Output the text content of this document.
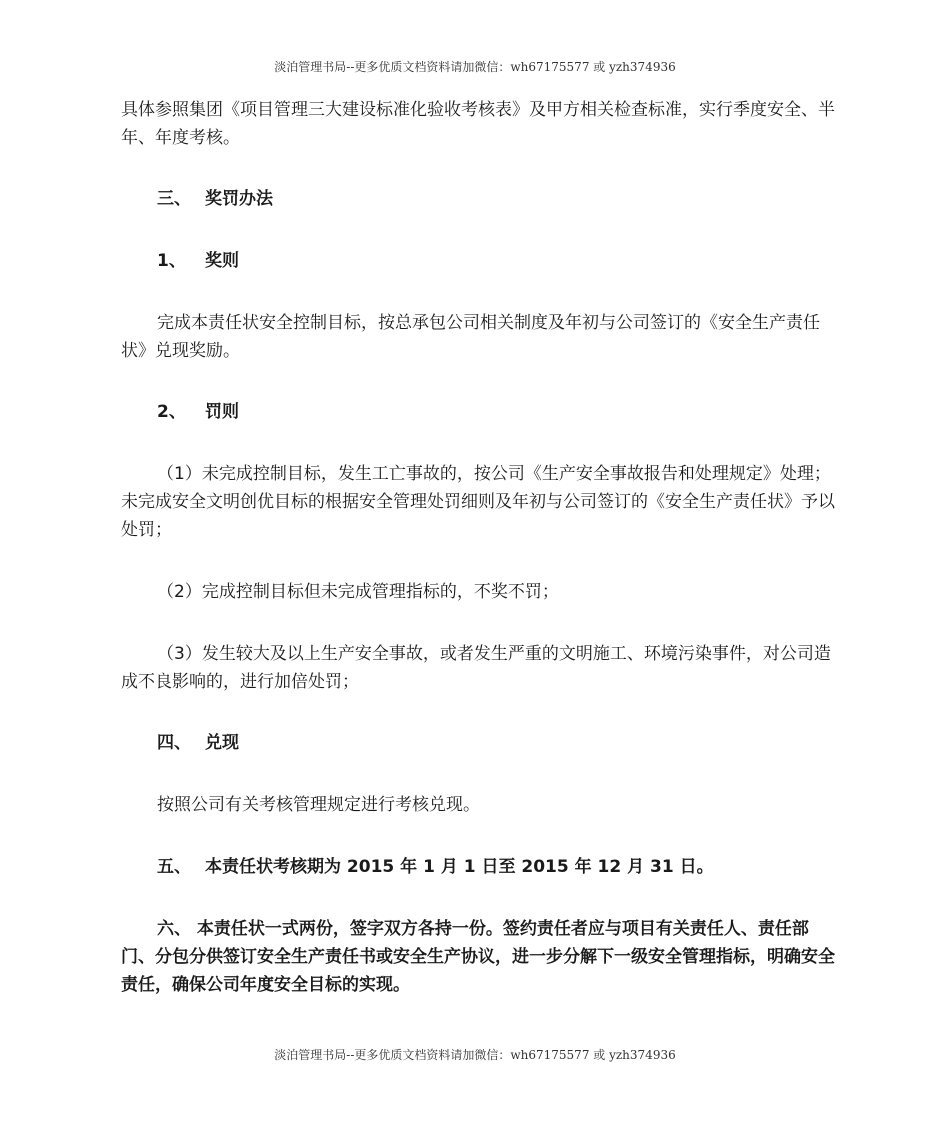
淡泊管理书局--更多优质文档资料请加微信：wh67175577 或 yzh374936

具体参照集团《项目管理三大建设标准化验收考核表》及甲方相关检查标准，实行季度安全、半年、年度考核。

三、 奖罚办法

1、 奖则

完成本责任状安全控制目标，按总承包公司相关制度及年初与公司签订的《安全生产责任状》兑现奖励。

2、 罚则

（1）未完成控制目标，发生工亡事故的，按公司《生产安全事故报告和处理规定》处理；未完成安全文明创优目标的根据安全管理处罚细则及年初与公司签订的《安全生产责任状》予以处罚；

（2）完成控制目标但未完成管理指标的，不奖不罚；

（3）发生较大及以上生产安全事故，或者发生严重的文明施工、环境污染事件，对公司造成不良影响的，进行加倍处罚；

四、 兑现

按照公司有关考核管理规定进行考核兑现。

五、 本责任状考核期为 2015 年 1 月 1 日至 2015 年 12 月 31 日。

六、 本责任状一式两份，签字双方各持一份。签约责任者应与项目有关责任人、责任部门、分包分供签订安全生产责任书或安全生产协议，进一步分解下一级安全管理指标，明确安全责任，确保公司年度安全目标的实现。

淡泊管理书局--更多优质文档资料请加微信：wh67175577 或 yzh374936
